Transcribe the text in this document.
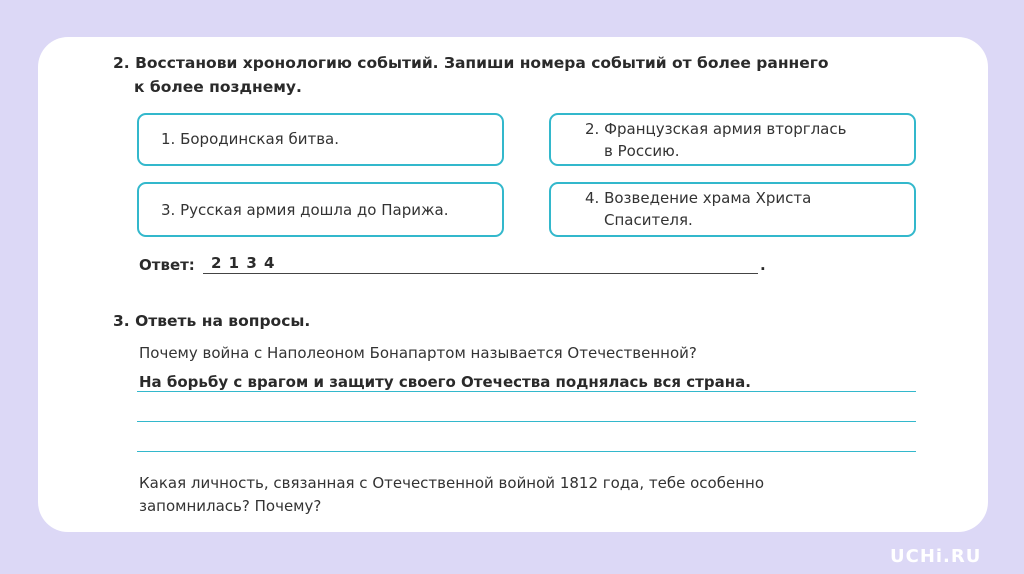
2. Восстанови хронологию событий. Запиши номера событий от более раннего
к более позднему.
1. Бородинская битва.
2. Французская армия вторглась
в Россию.
3. Русская армия дошла до Парижа.
4. Возведение храма Христа
Спасителя.
Ответ: 2 1 3 4	.
3. Ответь на вопросы.
Почему война с Наполеоном Бонапартом называется Отечественной?
На борьбу с врагом и защиту своего Отечества поднялась вся страна.
Какая личность, связанная с Отечественной войной 1812 года, тебе особенно
запомнилась? Почему?
UCHi.RU
